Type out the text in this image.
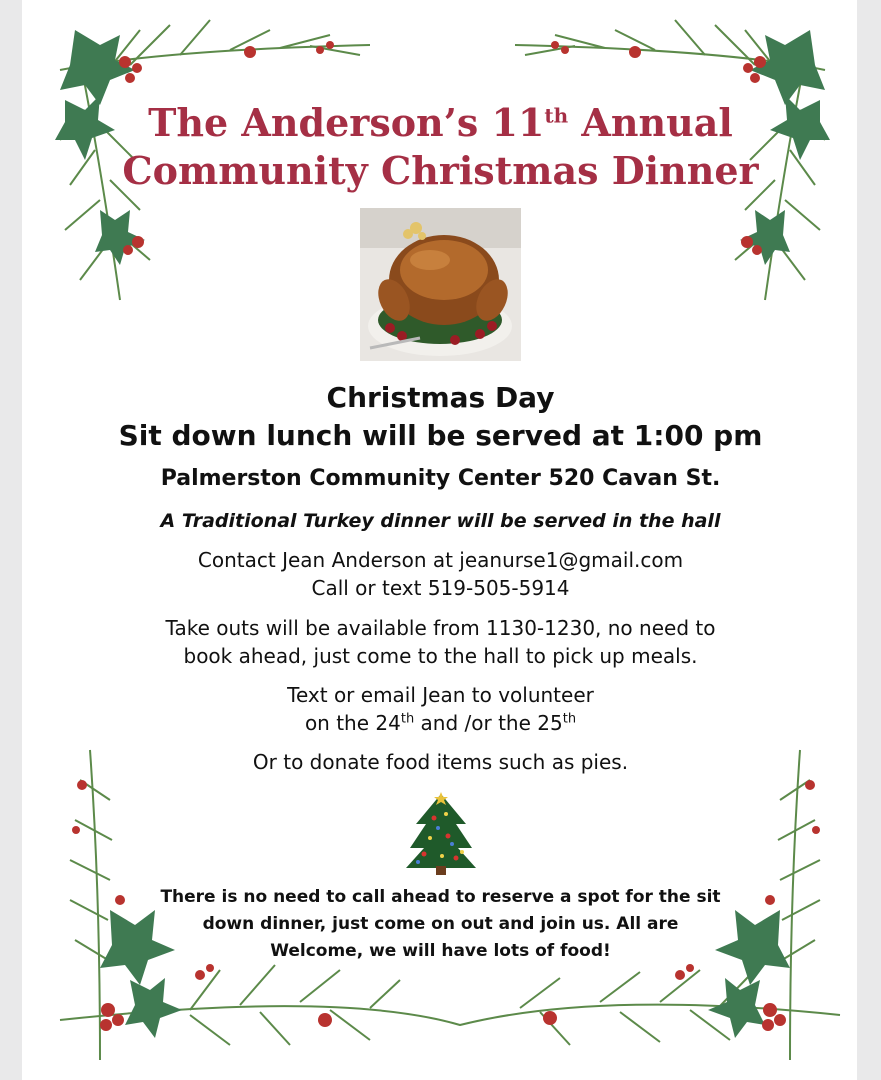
The Anderson’s 11th Annual
Community Christmas Dinner
Christmas Day
Sit down lunch will be served at 1:00 pm
Palmerston Community Center 520 Cavan St.
A Traditional Turkey dinner will be served in the hall
Contact Jean Anderson at jeanurse1@gmail.com
Call or text 519-505-5914
Take outs will be available from 1130-1230, no need to
book ahead, just come to the hall to pick up meals.
Text or email Jean to volunteer
on the 24th and /or the 25th
Or to donate food items such as pies.
There is no need to call ahead to reserve a spot for the sit
down dinner, just come on out and join us. All are
Welcome, we will have lots of food!
